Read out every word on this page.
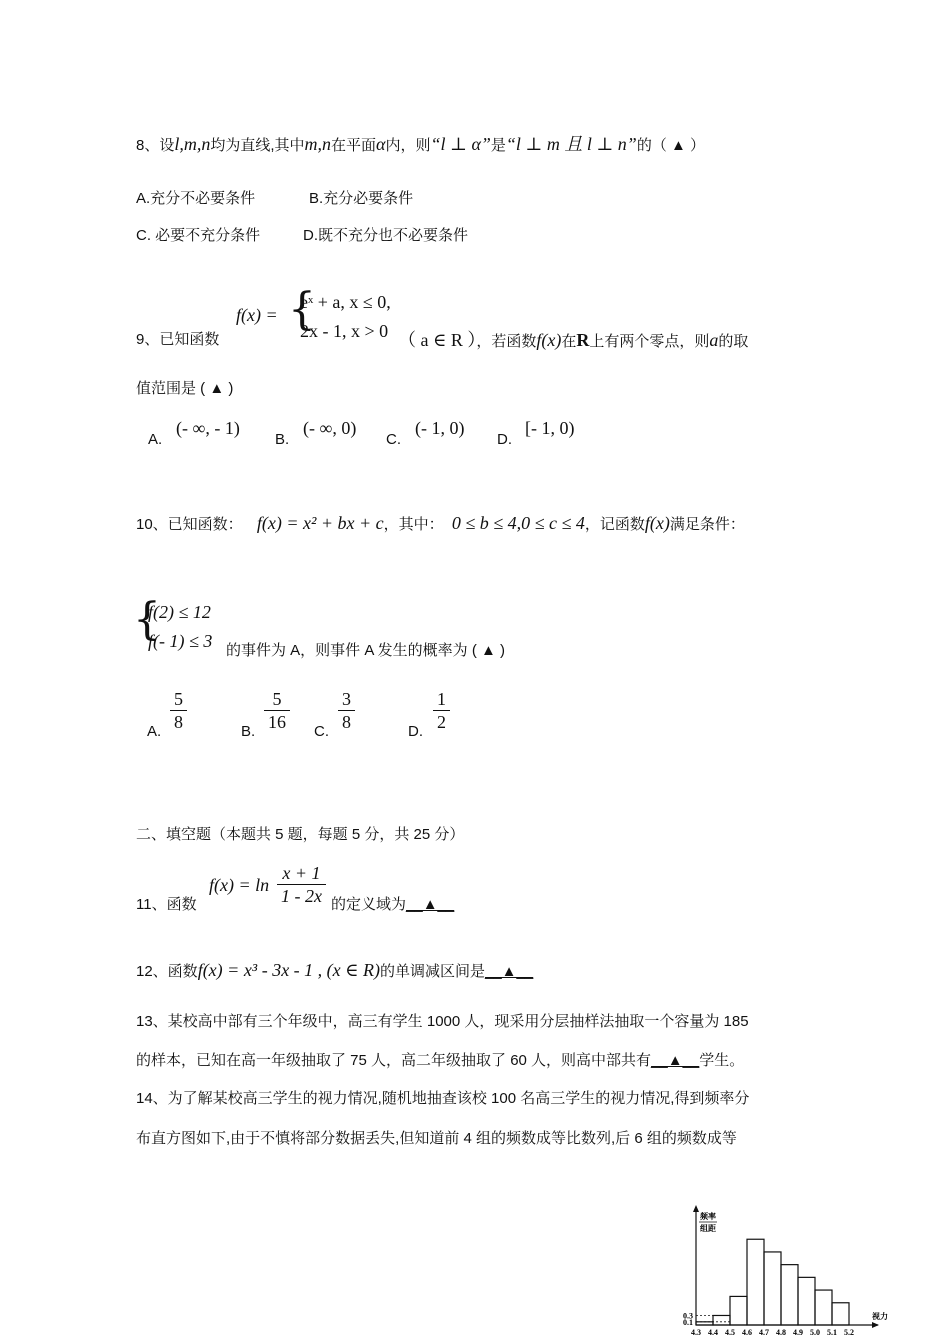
8、设l,m,n均为直线,其中m,n在平面α内，则“l ⊥ α”是“l ⊥ m 且 l ⊥ n”的（ ▲ ）
A.充分不必要条件	B.充分必要条件
C. 必要不充分条件	D.既不充分也不必要条件
9、已知函数
f(x) = {
eˣ + a, x ≤ 0,
2x - 1, x > 0 （ a ∈ R ），若函数f(x)在R上有两个零点，则a的取
值范围是 ( ▲ )
A.
(- ∞, - 1)
B.
(- ∞, 0)
C.
(- 1, 0)
D.
[- 1, 0)
10、已知函数： f(x) = x² + bx + c，其中： 0 ≤ b ≤ 4,0 ≤ c ≤ 4，记函数f(x)满足条件：
{
f(2) ≤ 12
f(- 1) ≤ 3 的事件为 A，则事件 A 发生的概率为 ( ▲ )
A. $\frac{5}{8}$	B. $\frac{5}{16} C$. $\frac{3}{8}$	D. $\frac{1}{2}$
二、填空题（本题共 5 题，每题 5 分，共 25 分）
11、函数
$f(x) = \ln \frac{x + 1}{1 - 2x}$ 的定义域为__▲__
12、函数f(x) = x³ - 3x - 1 , (x ∈ R)的单调减区间是__▲__
13、某校高中部有三个年级中，高三有学生 1000 人，现采用分层抽样法抽取一个容量为 185
的样本，已知在高一年级抽取了 75 人，高二年级抽取了 60 人，则高中部共有__▲__学生。
14、为了解某校高三学生的视力情况,随机地抽查该校 100 名高三学生的视力情况,得到频率分
布直方图如下,由于不慎将部分数据丢失,但知道前 4 组的频数成等比数列,后 6 组的频数成等
0.3
0.1
4.3 4.4 4.5 4.6 4.7 4.8 4.9 5.0 5.1 5.2
频率
组距
视力
